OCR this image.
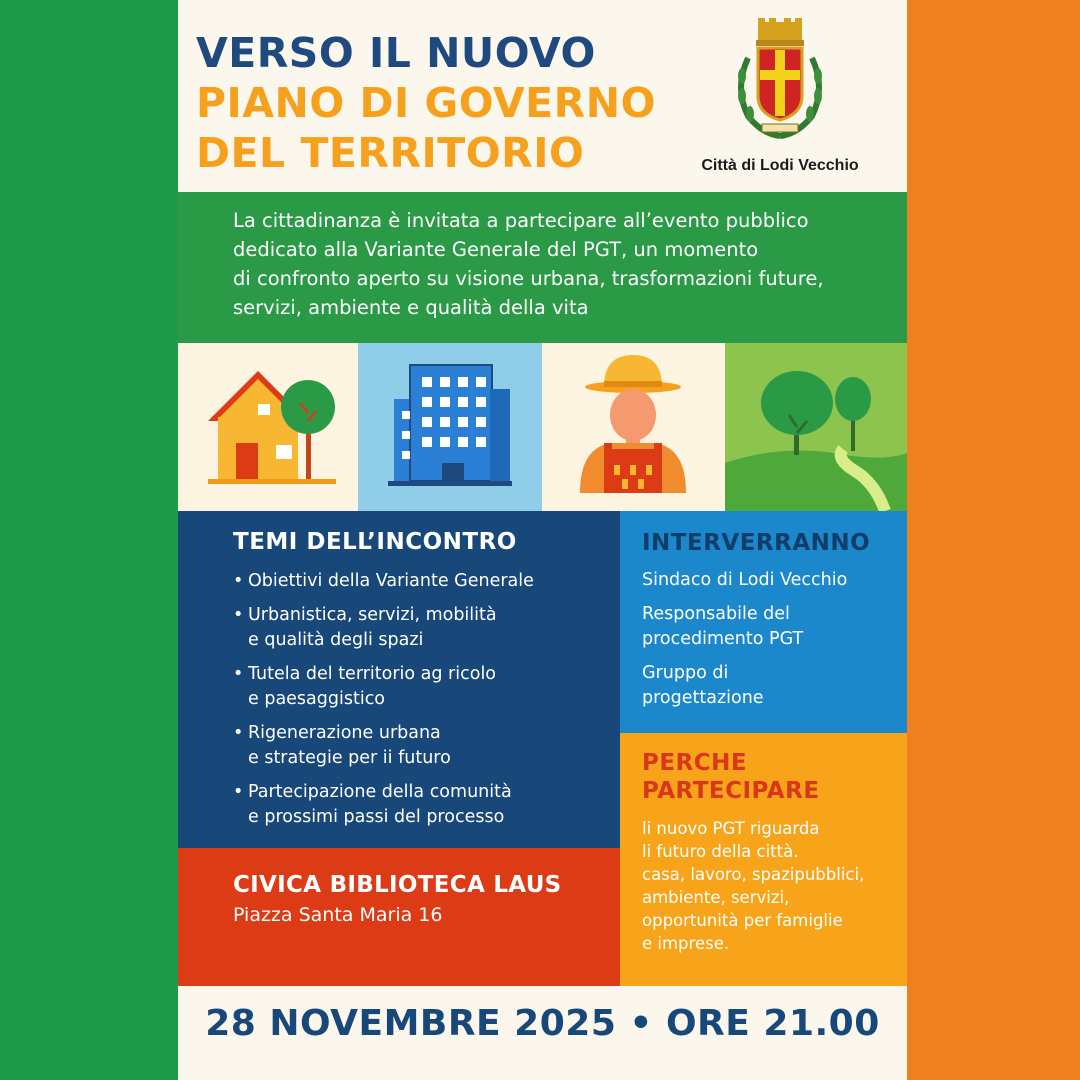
VERSO IL NUOVO
PIANO DI GOVERNO
DEL TERRITORIO	Città di Lodi Vecchio
La cittadinanza è invitata a partecipare all’evento pubblico
dedicato alla Variante Generale del PGT, un momento
di confronto aperto su visione urbana, trasformazioni future,
servizi, ambiente e qualità della vita
TEMI DELL’INCONTRO
• Obiettivi della Variante Generale
• Urbanistica, servizi, mobilità
e qualità degli spazi
• Tutela del territorio ag ricolo
e paesaggistico
• Rigenerazione urbana
e strategie per ii futuro
• Partecipazione della comunità
e prossimi passi del processo
INTERVERRANNO

Sindaco di Lodi Vecchio

Responsabile del
procedimento PGT

Gruppo di
progettazione

PERCHE
PARTECIPARE

li nuovo PGT riguarda
li futuro della città.
casa, lavoro, spazipubblici,
ambiente, servizi,
opportunità per famiglie
e imprese.

CIVICA BIBLIOTECA LAUS

Piazza Santa Maria 16

28 NOVEMBRE 2025 • ORE 21.00
